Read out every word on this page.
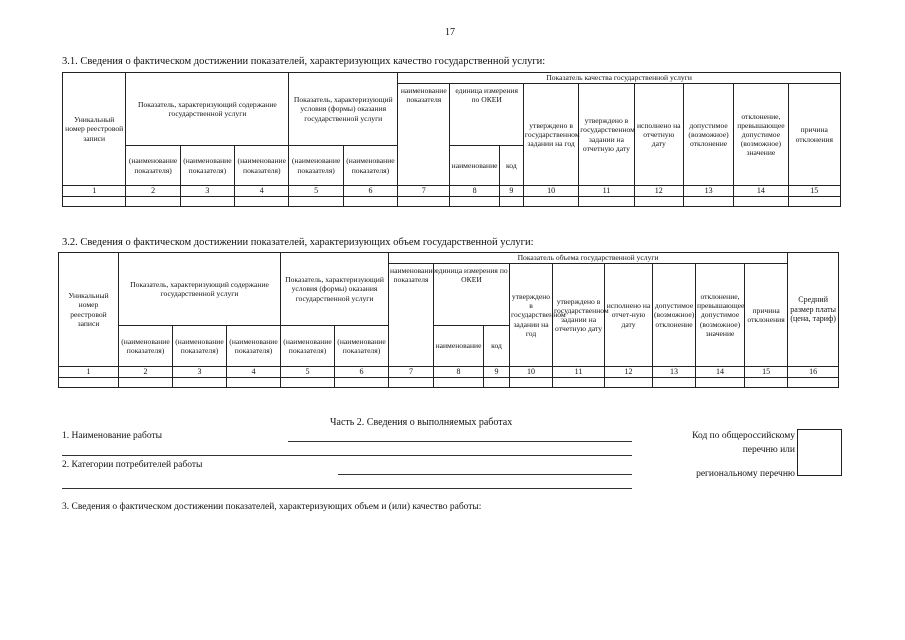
17
3.1. Сведения о фактическом достижении показателей, характеризующих качество государственной услуги:
Уникальный номер реестровой записи	Показатель, характеризующий содержание государственной услуги			Показатель, характеризующий условия (формы) оказания государственной услуги		Показатель качества государственной услуги								
						наименование показателя	единица измерения по ОКЕИ		утверждено в государственном задании на год	утверждено в государственном задании на отчетную дату	исполнено на отчетную дату	допустимое (возможное) отклонение	отклонение, превышающее допустимое (возможное) значение	причина отклонения
	(наименование показателя)	(наименование показателя)	(наименование показателя)	(наименование показателя)	(наименование показателя)		наименование	код						
1	2	3	4	5	6	7	8	9	10	11	12	13	14	15

3.2. Сведения о фактическом достижении показателей, характеризующих объем государственной услуги:
Уникальный номер реестровой записи	Показатель, характеризующий содержание государственной услуги			Показатель, характеризующий условия (формы) оказания государственной услуги		Показатель объема государственной услуги									Средний размер платы (цена, тариф)
						наименование показателя	единица измерения по ОКЕИ		утверждено в государственном задании на год	утверждено в государственном задании на отчетную дату	исполнено на отчет-ную дату	допустимое (возможное) отклонение	отклонение, превышающее допустимое (возможное) значение	причина отклонения	
	(наименование показателя)	(наименование показателя)	(наименование показателя)	(наименование показателя)	(наименование показателя)		наименование	код							
1	2	3	4	5	6	7	8	9	10	11	12	13	14	15	16

Часть 2. Сведения о выполняемых работах
1. Наименование работы
2. Категории потребителей работы
Код по общероссийскому
перечню или
региональному перечню
3. Сведения о фактическом достижении показателей, характеризующих объем и (или) качество работы:
